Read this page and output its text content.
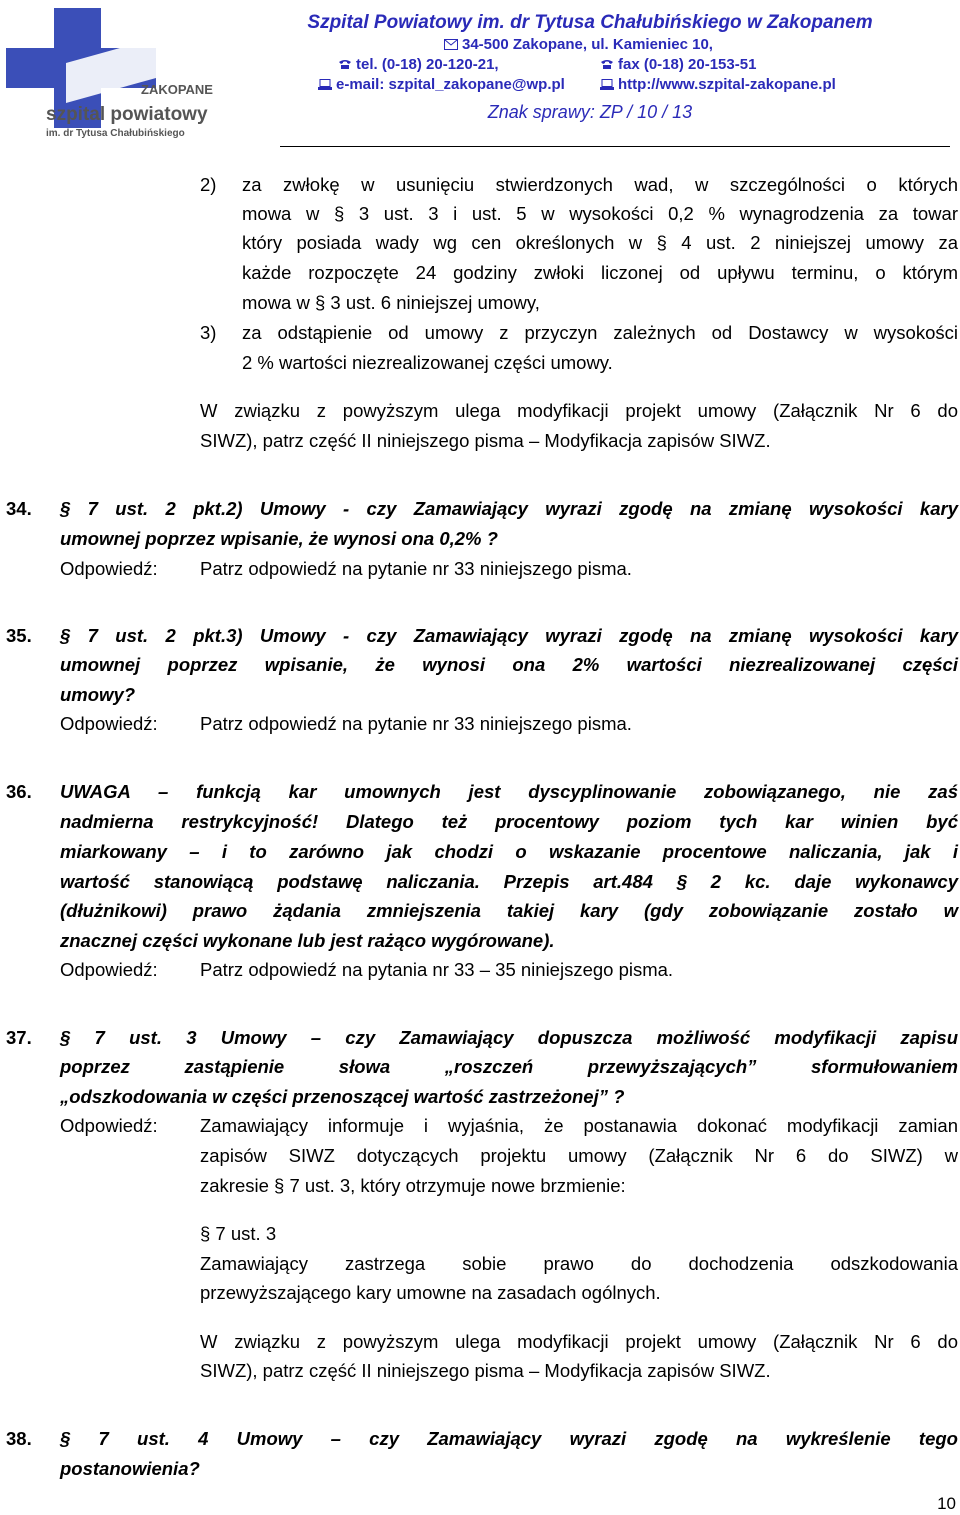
ZAKOPANE
szpital powiatowy
im. dr Tytusa Chałubińskiego
Szpital Powiatowy im. dr Tytusa Chałubińskiego w Zakopanem
34-500 Zakopane, ul. Kamieniec 10,
tel. (0-18) 20-120-21,	fax (0-18) 20-153-51
e-mail: szpital_zakopane@wp.pl	http://www.szpital-zakopane.pl
Znak sprawy: ZP / 10 / 13
2) za zwłokę w usunięciu stwierdzonych wad, w szczególności o których
mowa w § 3 ust. 3 i ust. 5 w wysokości 0,2 % wynagrodzenia za towar
który posiada wady wg cen określonych w § 4 ust. 2 niniejszej umowy za
każde rozpoczęte 24 godziny zwłoki liczonej od upływu terminu, o którym
mowa w § 3 ust. 6 niniejszej umowy,
3) za odstąpienie od umowy z przyczyn zależnych od Dostawcy w wysokości
2 % wartości niezrealizowanej części umowy.
W związku z powyższym ulega modyfikacji projekt umowy (Załącznik Nr 6 do
SIWZ), patrz część II niniejszego pisma – Modyfikacja zapisów SIWZ.
34. § 7 ust. 2 pkt.2) Umowy - czy Zamawiający wyrazi zgodę na zmianę wysokości kary
umownej poprzez wpisanie, że wynosi ona 0,2% ?
Odpowiedź: Patrz odpowiedź na pytanie nr 33 niniejszego pisma.
35. § 7 ust. 2 pkt.3) Umowy - czy Zamawiający wyrazi zgodę na zmianę wysokości kary
umownej poprzez wpisanie, że wynosi ona 2% wartości niezrealizowanej części
umowy?
Odpowiedź: Patrz odpowiedź na pytanie nr 33 niniejszego pisma.
36. UWAGA – funkcją kar umownych jest dyscyplinowanie zobowiązanego, nie zaś
nadmierna restrykcyjność! Dlatego też procentowy poziom tych kar winien być
miarkowany – i to zarówno jak chodzi o wskazanie procentowe naliczania, jak i
wartość stanowiącą podstawę naliczania. Przepis art.484 § 2 kc. daje wykonawcy
(dłużnikowi) prawo żądania zmniejszenia takiej kary (gdy zobowiązanie zostało w
znacznej części wykonane lub jest rażąco wygórowane).
Odpowiedź: Patrz odpowiedź na pytania nr 33 – 35 niniejszego pisma.
37. § 7 ust. 3 Umowy – czy Zamawiający dopuszcza możliwość modyfikacji zapisu
poprzez zastąpienie słowa „roszczeń przewyższających” sformułowaniem
„odszkodowania w części przenoszącej wartość zastrzeżonej” ?
Odpowiedź: Zamawiający informuje i wyjaśnia, że postanawia dokonać modyfikacji zamian
zapisów SIWZ dotyczących projektu umowy (Załącznik Nr 6 do SIWZ) w
zakresie § 7 ust. 3, który otrzymuje nowe brzmienie:
§ 7 ust. 3
Zamawiający zastrzega sobie prawo do dochodzenia odszkodowania
przewyższającego kary umowne na zasadach ogólnych.
W związku z powyższym ulega modyfikacji projekt umowy (Załącznik Nr 6 do
SIWZ), patrz część II niniejszego pisma – Modyfikacja zapisów SIWZ.
38. § 7 ust. 4 Umowy – czy Zamawiający wyrazi zgodę na wykreślenie tego
postanowienia?
10
